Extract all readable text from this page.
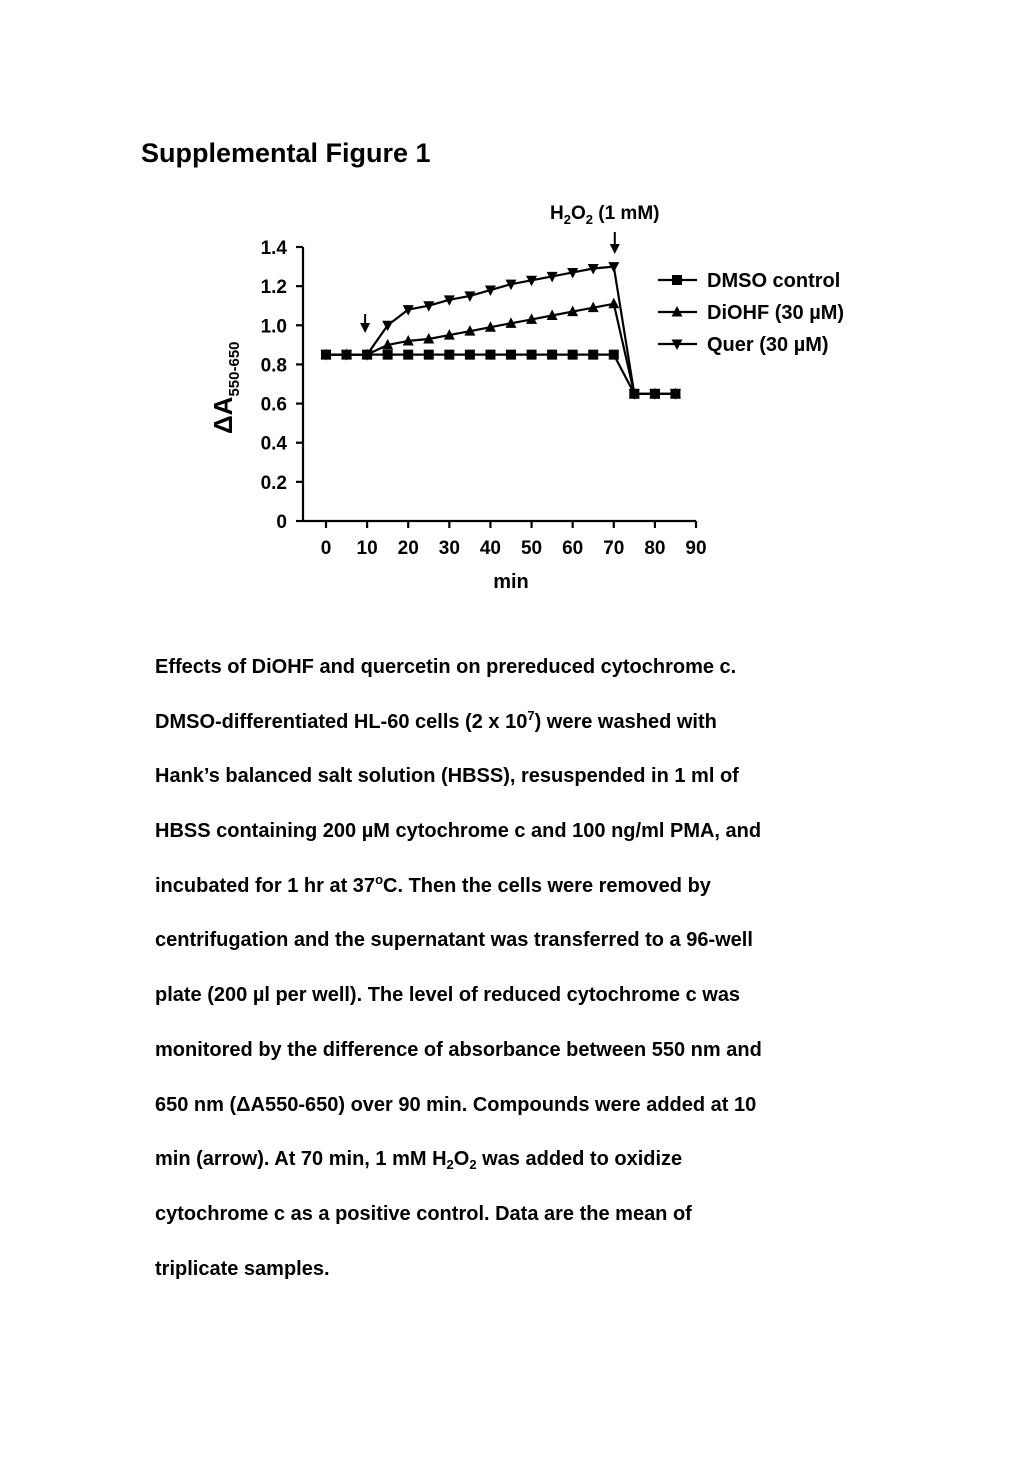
Supplemental Figure 1
0
0.2
0.4
0.6
0.8
1.0
1.2
1.4
0 10 20 30 40 50 60 70 80 90
min
$\Delta A_{550-650}$
DMSO control
DiOHF (30 µM)
Quer (30 µM)
$H_2O_2$ (1 mM)
Effects of DiOHF and quercetin on prereduced cytochrome c.
DMSO-differentiated HL-60 cells (2 x $10^7$) were washed with
Hank’s balanced salt solution (HBSS), resuspended in 1 ml of
HBSS containing 200 µM cytochrome c and 100 ng/ml PMA, and
incubated for 1 hr at 37$^o$C. Then the cells were removed by
centrifugation and the supernatant was transferred to a 96-well
plate (200 µl per well). The level of reduced cytochrome c was
monitored by the difference of absorbance between 550 nm and
650 nm (ΔA550-650) over 90 min. Compounds were added at 10
min (arrow). At 70 min, 1 mM $H_2O_2$ was added to oxidize
cytochrome c as a positive control. Data are the mean of
triplicate samples.
